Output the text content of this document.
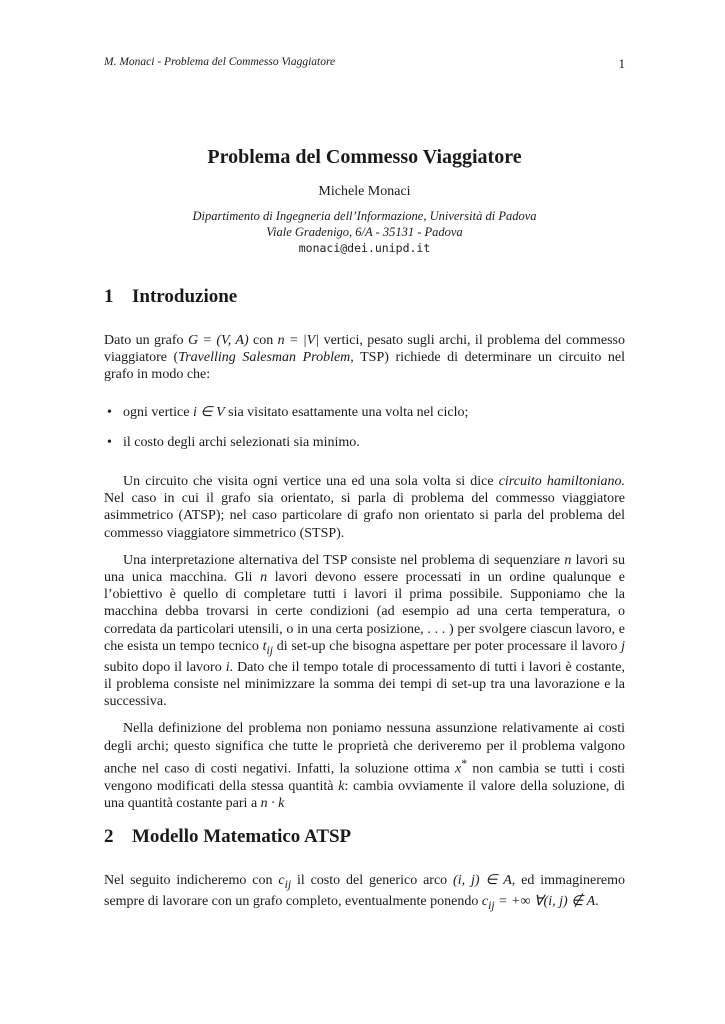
M. Monaci - Problema del Commesso Viaggiatore	1

Problema del Commesso Viaggiatore

Michele Monaci

Dipartimento di Ingegneria dell’Informazione, Università di Padova

Viale Gradenigo, 6/A - 35131 - Padova

monaci@dei.unipd.it

1 Introduzione

Dato un grafo G = (V, A) con n = |V| vertici, pesato sugli archi, il problema del commesso viaggiatore (Travelling Salesman Problem, TSP) richiede di determinare un circuito nel grafo in modo che:

• ogni vertice i ∈ V sia visitato esattamente una volta nel ciclo;
• il costo degli archi selezionati sia minimo.

Un circuito che visita ogni vertice una ed una sola volta si dice circuito hamiltoniano. Nel caso in cui il grafo sia orientato, si parla di problema del commesso viaggiatore asimmetrico (ATSP); nel caso particolare di grafo non orientato si parla del problema del commesso viaggiatore simmetrico (STSP).

Una interpretazione alternativa del TSP consiste nel problema di sequenziare n lavori su una unica macchina. Gli n lavori devono essere processati in un ordine qualunque e l’obiettivo è quello di completare tutti i lavori il prima possibile. Supponiamo che la macchina debba trovarsi in certe condizioni (ad esempio ad una certa temperatura, o corredata da particolari utensili, o in una certa posizione, . . . ) per svolgere ciascun lavoro, e che esista un tempo tecnico $t_{ij}$ di set-up che bisogna aspettare per poter processare il lavoro j subito dopo il lavoro i. Dato che il tempo totale di processamento di tutti i lavori è costante, il problema consiste nel minimizzare la somma dei tempi di set-up tra una lavorazione e la successiva.

Nella definizione del problema non poniamo nessuna assunzione relativamente ai costi degli archi; questo significa che tutte le proprietà che deriveremo per il problema valgono anche nel caso di costi negativi. Infatti, la soluzione ottima x* non cambia se tutti i costi vengono modificati della stessa quantità k: cambia ovviamente il valore della soluzione, di una quantità costante pari a n · k

2 Modello Matematico ATSP

Nel seguito indicheremo con $c_{ij}$ il costo del generico arco (i, j) ∈ A, ed immagineremo sempre di lavorare con un grafo completo, eventualmente ponendo $c_{ij}$ = +∞ ∀(i, j) ∉ A.
